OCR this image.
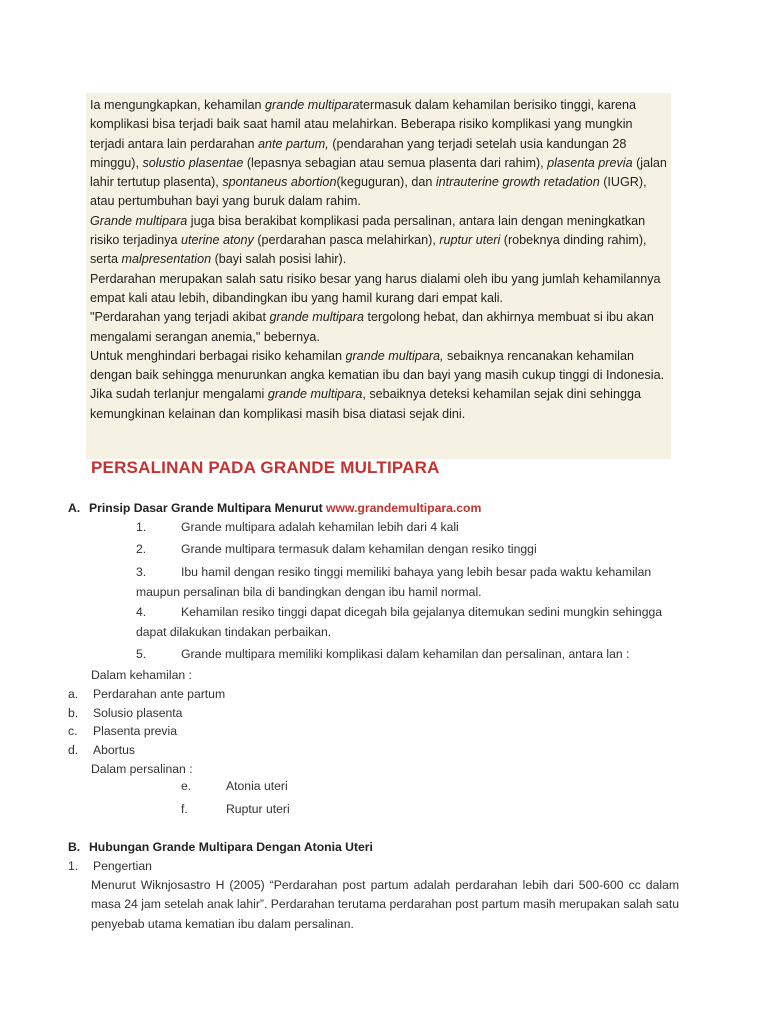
Ia mengungkapkan, kehamilan grande multiparatermasuk dalam kehamilan berisiko tinggi, karena komplikasi bisa terjadi baik saat hamil atau melahirkan. Beberapa risiko komplikasi yang mungkin terjadi antara lain perdarahan ante partum, (pendarahan yang terjadi setelah usia kandungan 28 minggu), solustio plasentae (lepasnya sebagian atau semua plasenta dari rahim), plasenta previa (jalan lahir tertutup plasenta), spontaneus abortion(keguguran), dan intrauterine growth retadation (IUGR), atau pertumbuhan bayi yang buruk dalam rahim.
Grande multipara juga bisa berakibat komplikasi pada persalinan, antara lain dengan meningkatkan risiko terjadinya uterine atony (perdarahan pasca melahirkan), ruptur uteri (robeknya dinding rahim), serta malpresentation (bayi salah posisi lahir).
Perdarahan merupakan salah satu risiko besar yang harus dialami oleh ibu yang jumlah kehamilannya empat kali atau lebih, dibandingkan ibu yang hamil kurang dari empat kali.
"Perdarahan yang terjadi akibat grande multipara tergolong hebat, dan akhirnya membuat si ibu akan mengalami serangan anemia," bebernya.
Untuk menghindari berbagai risiko kehamilan grande multipara, sebaiknya rencanakan kehamilan dengan baik sehingga menurunkan angka kematian ibu dan bayi yang masih cukup tinggi di Indonesia. Jika sudah terlanjur mengalami grande multipara, sebaiknya deteksi kehamilan sejak dini sehingga kemungkinan kelainan dan komplikasi masih bisa diatasi sejak dini.
PERSALINAN PADA GRANDE MULTIPARA
A. Prinsip Dasar Grande Multipara Menurut www.grandemultipara.com
1.	Grande multipara adalah kehamilan lebih dari 4 kali
2.	Grande multipara termasuk dalam kehamilan dengan resiko tinggi
3.	Ibu hamil dengan resiko tinggi memiliki bahaya yang lebih besar pada waktu kehamilan maupun persalinan bila di bandingkan dengan ibu hamil normal.
4.	Kehamilan resiko tinggi dapat dicegah bila gejalanya ditemukan sedini mungkin sehingga dapat dilakukan tindakan perbaikan.
5.	Grande multipara memiliki komplikasi dalam kehamilan dan persalinan, antara lan :
Dalam kehamilan :
a. Perdarahan ante partum
b. Solusio plasenta
c. Plasenta previa
d. Abortus
Dalam persalinan :
e.	Atonia uteri
f.	Ruptur uteri
B. Hubungan Grande Multipara Dengan Atonia Uteri
1. Pengertian
Menurut Wiknjosastro H (2005) “Perdarahan post partum adalah perdarahan lebih dari 500-600 cc dalam masa 24 jam setelah anak lahir”. Perdarahan terutama perdarahan post partum masih merupakan salah satu penyebab utama kematian ibu dalam persalinan.
